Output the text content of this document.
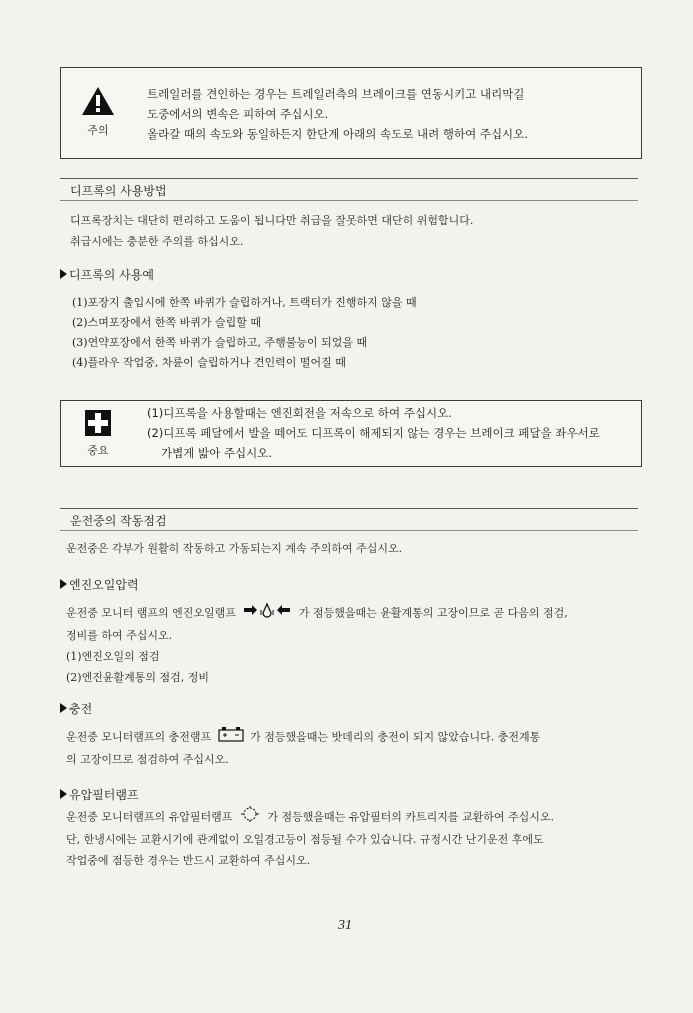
주의
트레일러를 견인하는 경우는 트레일러측의 브레이크를 연동시키고 내리막길
도중에서의 변속은 피하여 주십시오.
올라갈 때의 속도와 동일하든지 한단계 아래의 속도로 내려 행하여 주십시오.
디프록의 사용방법
디프록장치는 대단히 편리하고 도움이 됩니다만 취급을 잘못하면 대단히 위험합니다.
취급시에는 충분한 주의를 하십시오.
디프록의 사용예
(1)포장지 출입시에 한쪽 바퀴가 슬립하거나, 트랙터가 진행하지 않을 때
(2)스며포장에서 한쪽 바퀴가 슬립할 때
(3)연약포장에서 한쪽 바퀴가 슬립하고, 주행불능이 되었을 때
(4)플라우 작업중, 차륜이 슬립하거나 견인력이 떨어질 때
중요
(1)디프록을 사용할때는 엔진회전을 저속으로 하여 주십시오.
(2)디프록 페달에서 발을 떼어도 디프록이 해제되지 않는 경우는 브레이크 페달을 좌우서로
가볍게 밟아 주십시오.
운전중의 작동점검
운전중은 각부가 원활히 작동하고 가동되는지 계속 주의하여 주십시오.
엔진오일압력
운전중 모니터 램프의 엔진오일램프	가 점등했을때는 윤활계통의 고장이므로 곧 다음의 점검,
정비를 하여 주십시오.
(1)엔진오일의 점검
(2)엔진윤활계통의 점검, 정비
충전
운전중 모니터램프의 충전램프	가 점등했을때는 밧데리의 충전이 되지 않았습니다. 충전계통
의 고장이므로 점검하여 주십시오.
유압필터램프
운전중 모니터램프의 유압필터램프	가 점등했을때는 유압필터의 카트리지를 교환하여 주십시오.
단, 한냉시에는 교환시기에 관계없이 오일경고등이 점등될 수가 있습니다. 규정시간 난기운전 후에도
작업중에 점등한 경우는 반드시 교환하여 주십시오.
31
